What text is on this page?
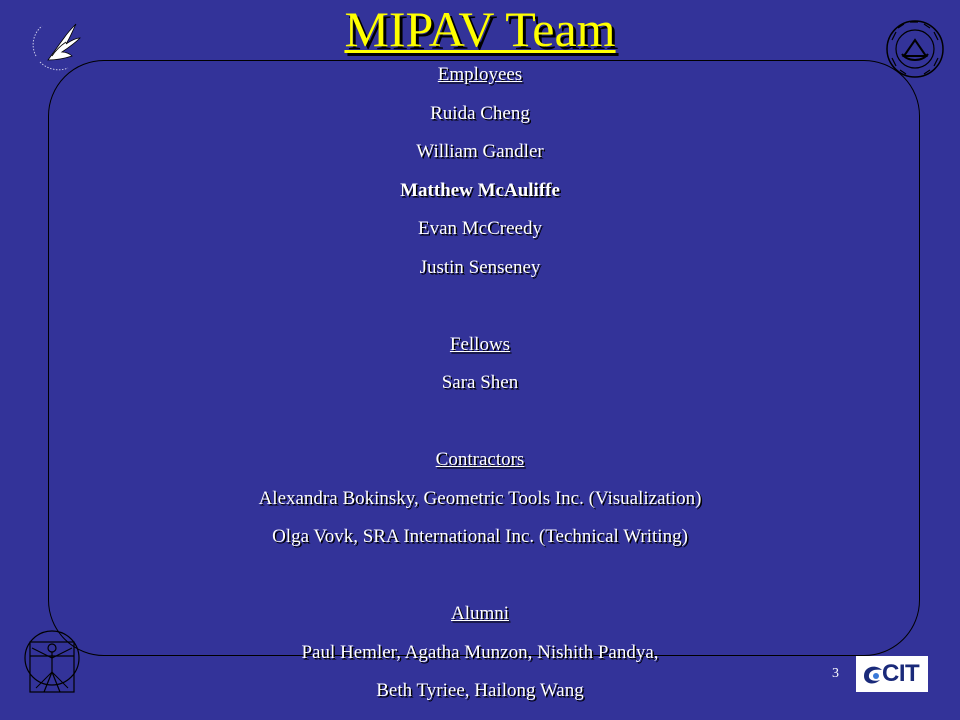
MIPAV Team
Employees
Ruida Cheng
William Gandler
Matthew McAuliffe
Evan McCreedy
Justin Senseney
Fellows
Sara Shen
Contractors
Alexandra Bokinsky, Geometric Tools Inc. (Visualization)
Olga Vovk, SRA International Inc. (Technical Writing)
Alumni
Paul Hemler, Agatha Munzon, Nishith Pandya,
Beth Tyriee, Hailong Wang
3 CIT
